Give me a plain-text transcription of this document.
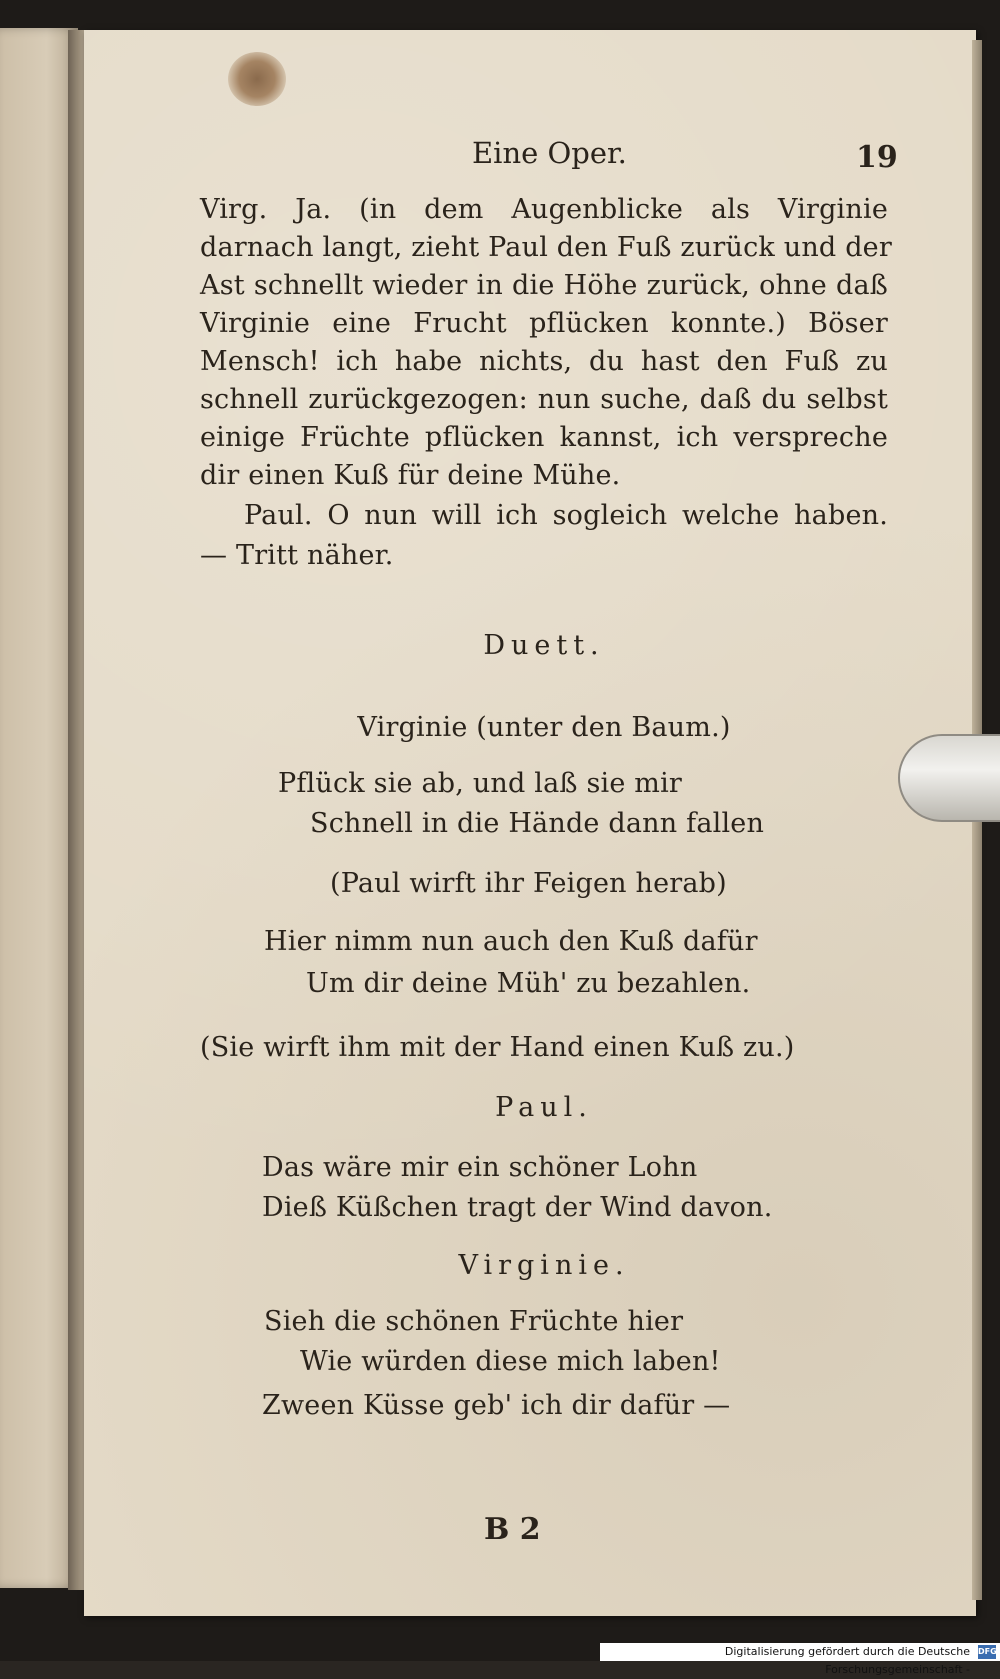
Eine Oper.	19
Virg. Ja. (in dem Augenblicke als Virginie
darnach langt, zieht Paul den Fuß zurück und der
Ast schnellt wieder in die Höhe zurück, ohne daß
Virginie eine Frucht pflücken konnte.) Böser
Mensch! ich habe nichts, du hast den Fuß zu
schnell zurückgezogen: nun suche, daß du selbst
einige Früchte pflücken kannst, ich verspreche
dir einen Kuß für deine Mühe.
Paul. O nun will ich sogleich welche haben.
— Tritt näher.
Duett.
Virginie (unter den Baum.)
Pflück sie ab, und laß sie mir
Schnell in die Hände dann fallen
(Paul wirft ihr Feigen herab)
Hier nimm nun auch den Kuß dafür
Um dir deine Müh' zu bezahlen.
(Sie wirft ihm mit der Hand einen Kuß zu.)
Paul.
Das wäre mir ein schöner Lohn
Dieß Küßchen tragt der Wind davon.
Virginie.
Sieh die schönen Früchte hier
Wie würden diese mich laben!
Zween Küsse geb' ich dir dafür —
B 2
Digitalisierung gefördert durch die Deutsche Forschungsgemeinschaft -
DFG
